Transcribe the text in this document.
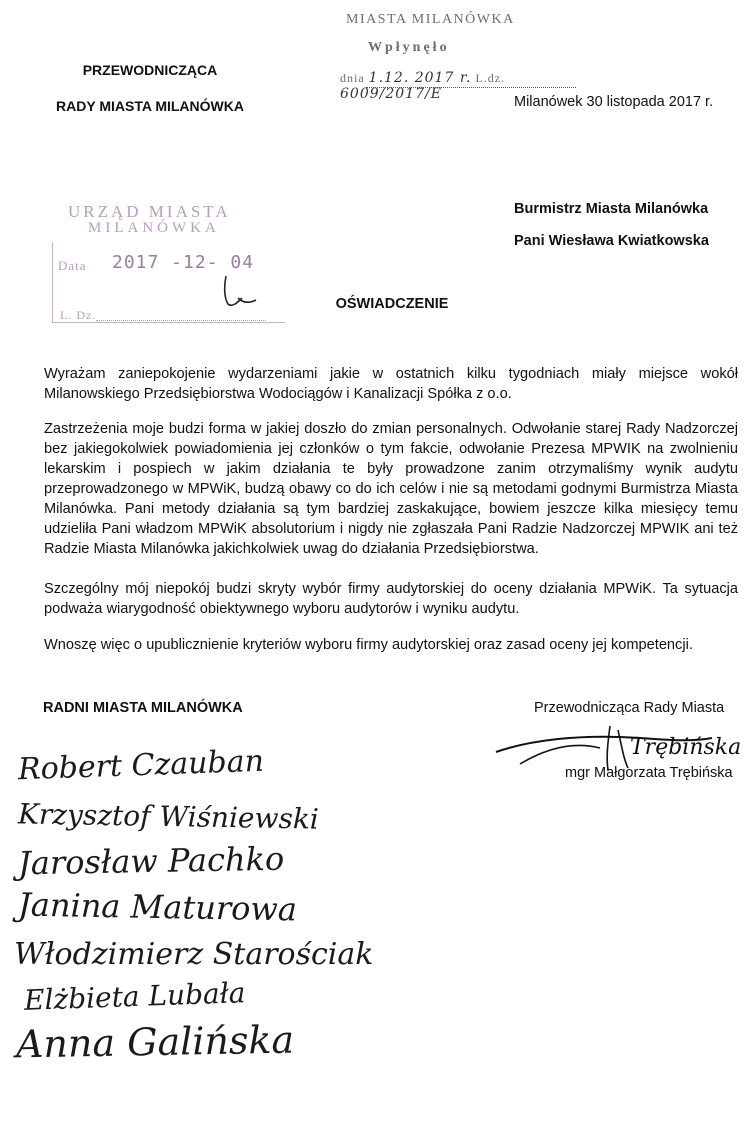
PRZEWODNICZĄCA
RADY MIASTA MILANÓWKA	Milanówek 30 listopada 2017 r.
MIASTA MILANÓWKA
Wpłynęło
dnia 1.12. 2017 r. L.dz. 6009/2017/E
URZĄD MIASTA
MILANÓWKA
Data 2017 -12- 04
L. Dz.
Burmistrz Miasta Milanówka
Pani Wiesława Kwiatkowska
OŚWIADCZENIE
Wyrażam zaniepokojenie wydarzeniami jakie w ostatnich kilku tygodniach miały miejsce wokół Milanowskiego Przedsiębiorstwa Wodociągów i Kanalizacji Spółka z o.o.
Zastrzeżenia moje budzi forma w jakiej doszło do zmian personalnych. Odwołanie starej Rady Nadzorczej bez jakiegokolwiek powiadomienia jej członków o tym fakcie, odwołanie Prezesa MPWIK na zwolnieniu lekarskim i pospiech w jakim działania te były prowadzone zanim otrzymaliśmy wynik audytu przeprowadzonego w MPWiK, budzą obawy co do ich celów i nie są metodami godnymi Burmistrza Miasta Milanówka. Pani metody działania są tym bardziej zaskakujące, bowiem jeszcze kilka miesięcy temu udzieliła Pani władzom MPWiK absolutorium i nigdy nie zgłaszała Pani Radzie Nadzorczej MPWIK ani też Radzie Miasta Milanówka jakichkolwiek uwag do działania Przedsiębiorstwa.
Szczególny mój niepokój budzi skryty wybór firmy audytorskiej do oceny działania MPWiK. Ta sytuacja podważa wiarygodność obiektywnego wyboru audytorów i wyniku audytu.
Wnoszę więc o upublicznienie kryteriów wyboru firmy audytorskiej oraz zasad oceny jej kompetencji.
RADNI MIASTA MILANÓWKA	Przewodnicząca Rady Miasta
mgr Małgorzata Trębińska
Trębińska
Robert Czauban
Krzysztof Wiśniewski
Jarosław Pachko
Janina Maturowa
Włodzimierz Starościak
Elżbieta Lubała
Anna Galińska
